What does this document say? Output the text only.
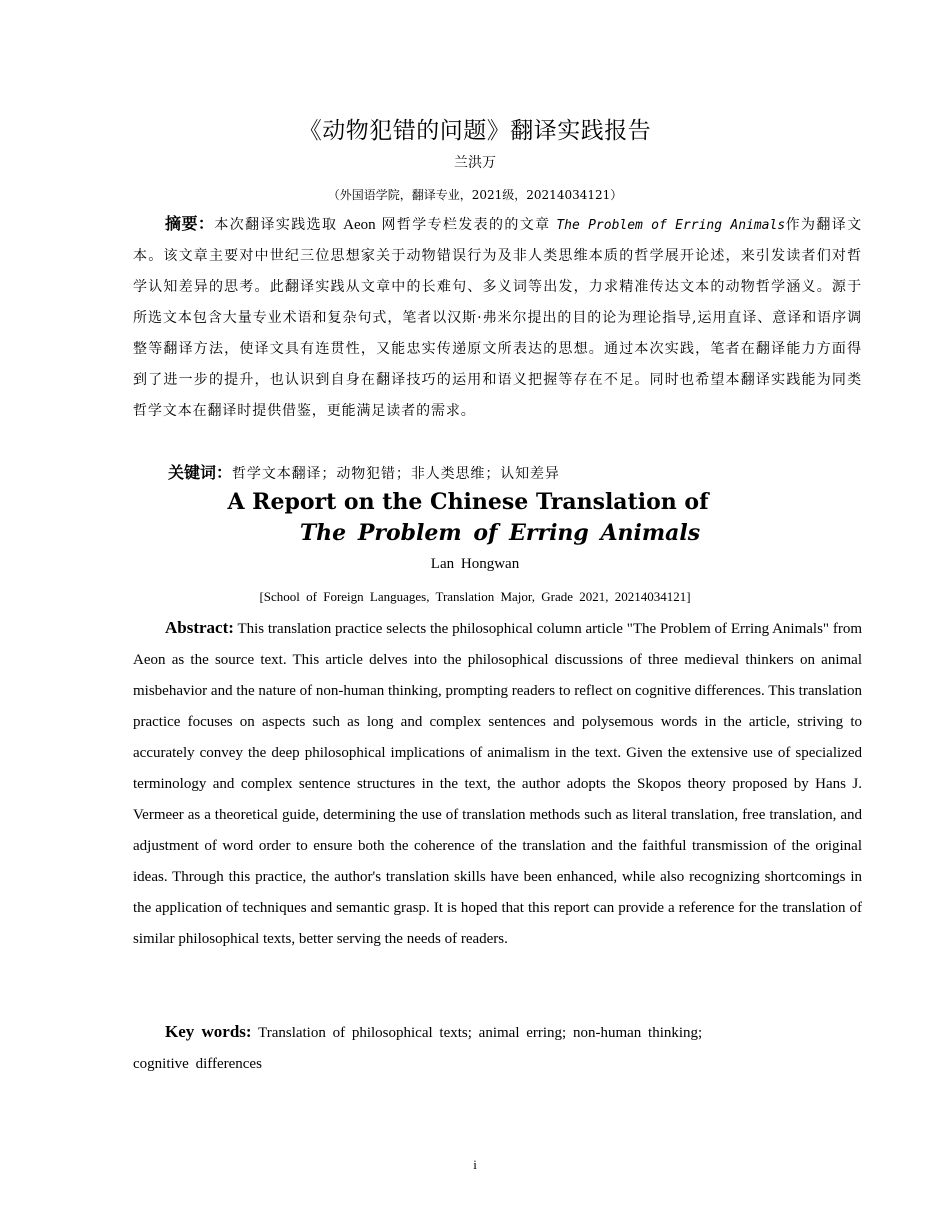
《动物犯错的问题》翻译实践报告
兰洪万
（外国语学院，翻译专业，2021级，20214034121）

摘要：本次翻译实践选取 Aeon 网哲学专栏发表的的文章 The Problem of Erring Animals作为翻译文本。该文章主要对中世纪三位思想家关于动物错误行为及非人类思维本质的哲学展开论述，来引发读者们对哲学认知差异的思考。此翻译实践从文章中的长难句、多义词等出发，力求精准传达文本的动物哲学涵义。源于所选文本包含大量专业术语和复杂句式，笔者以汉斯·弗米尔提出的目的论为理论指导,运用直译、意译和语序调整等翻译方法，使译文具有连贯性，又能忠实传递原文所表达的思想。通过本次实践，笔者在翻译能力方面得到了进一步的提升，也认识到自身在翻译技巧的运用和语义把握等存在不足。同时也希望本翻译实践能为同类哲学文本在翻译时提供借鉴，更能满足读者的需求。

关键词：哲学文本翻译；动物犯错；非人类思维；认知差异

A Report on the Chinese Translation of
The Problem of Erring Animals
Lan Hongwan
[School of Foreign Languages, Translation Major, Grade 2021, 20214034121]

Abstract: This translation practice selects the philosophical column article "The Problem of Erring Animals" from Aeon as the source text. This article delves into the philosophical discussions of three medieval thinkers on animal misbehavior and the nature of non-human thinking, prompting readers to reflect on cognitive differences. This translation practice focuses on aspects such as long and complex sentences and polysemous words in the article, striving to accurately convey the deep philosophical implications of animalism in the text. Given the extensive use of specialized terminology and complex sentence structures in the text, the author adopts the Skopos theory proposed by Hans J. Vermeer as a theoretical guide, determining the use of translation methods such as literal translation, free translation, and adjustment of word order to ensure both the coherence of the translation and the faithful transmission of the original ideas. Through this practice, the author's translation skills have been enhanced, while also recognizing shortcomings in the application of techniques and semantic grasp. It is hoped that this report can provide a reference for the translation of similar philosophical texts, better serving the needs of readers.

Key words: Translation of philosophical texts; animal erring; non-human thinking;
cognitive differences

i
